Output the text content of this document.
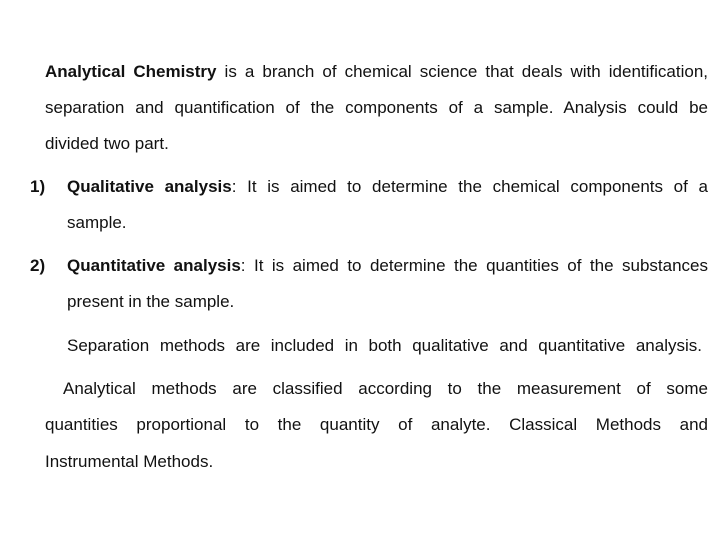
Analytical Chemistry is a branch of chemical science that deals with identification,
separation and quantification of the components of a sample. Analysis could be
divided two part.
1) Qualitative analysis: It is aimed to determine the chemical components of a
sample.
2) Quantitative analysis: It is aimed to determine the quantities of the substances
present in the sample.
Separation methods are included in both qualitative and quantitative analysis.
Analytical methods are classified according to the measurement of some
quantities proportional to the quantity of analyte. Classical Methods and
Instrumental Methods.
